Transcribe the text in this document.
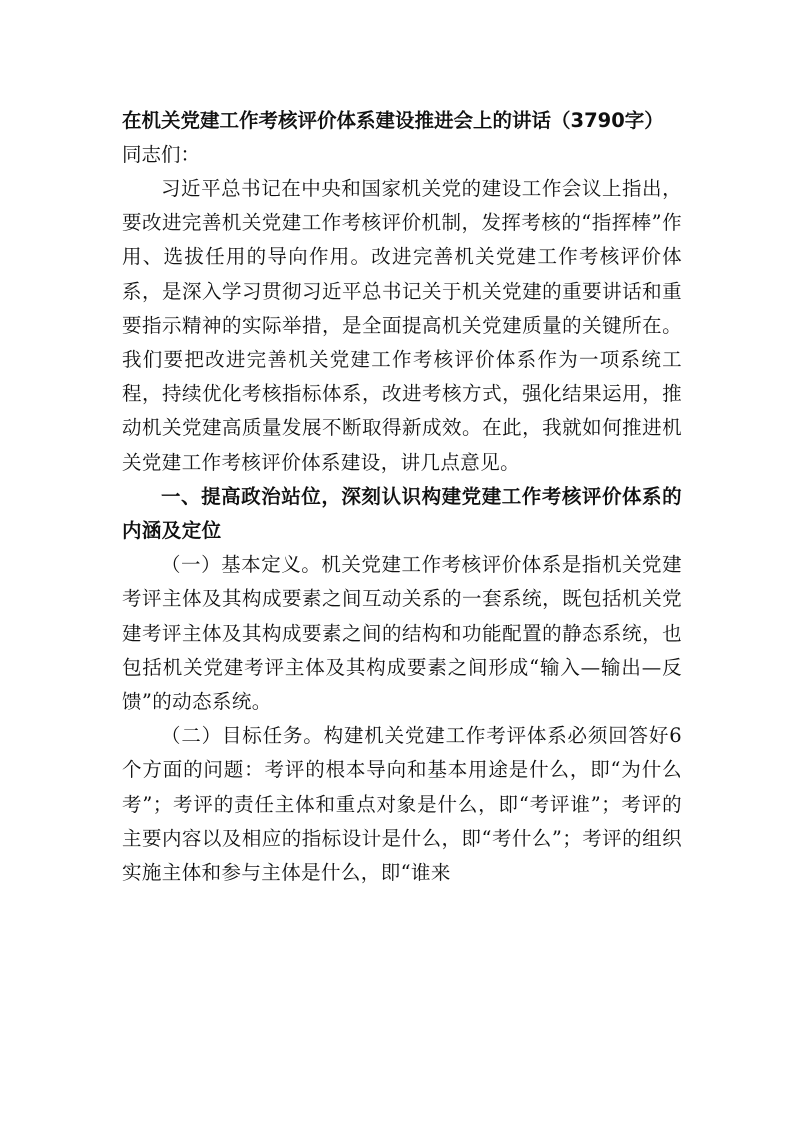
在机关党建工作考核评价体系建设推进会上的讲话（3790字）
同志们：

习近平总书记在中央和国家机关党的建设工作会议上指出，要改进完善机关党建工作考核评价机制，发挥考核的“指挥棒”作用、选拔任用的导向作用。改进完善机关党建工作考核评价体系，是深入学习贯彻习近平总书记关于机关党建的重要讲话和重要指示精神的实际举措，是全面提高机关党建质量的关键所在。我们要把改进完善机关党建工作考核评价体系作为一项系统工程，持续优化考核指标体系，改进考核方式，强化结果运用，推动机关党建高质量发展不断取得新成效。在此，我就如何推进机关党建工作考核评价体系建设，讲几点意见。

一、提高政治站位，深刻认识构建党建工作考核评价体系的内涵及定位

（一）基本定义。机关党建工作考核评价体系是指机关党建考评主体及其构成要素之间互动关系的一套系统，既包括机关党建考评主体及其构成要素之间的结构和功能配置的静态系统，也包括机关党建考评主体及其构成要素之间形成“输入—输出—反馈”的动态系统。

（二）目标任务。构建机关党建工作考评体系必须回答好6个方面的问题：考评的根本导向和基本用途是什么，即“为什么考”；考评的责任主体和重点对象是什么，即“考评谁”；考评的主要内容以及相应的指标设计是什么，即“考什么”；考评的组织实施主体和参与主体是什么，即“谁来
